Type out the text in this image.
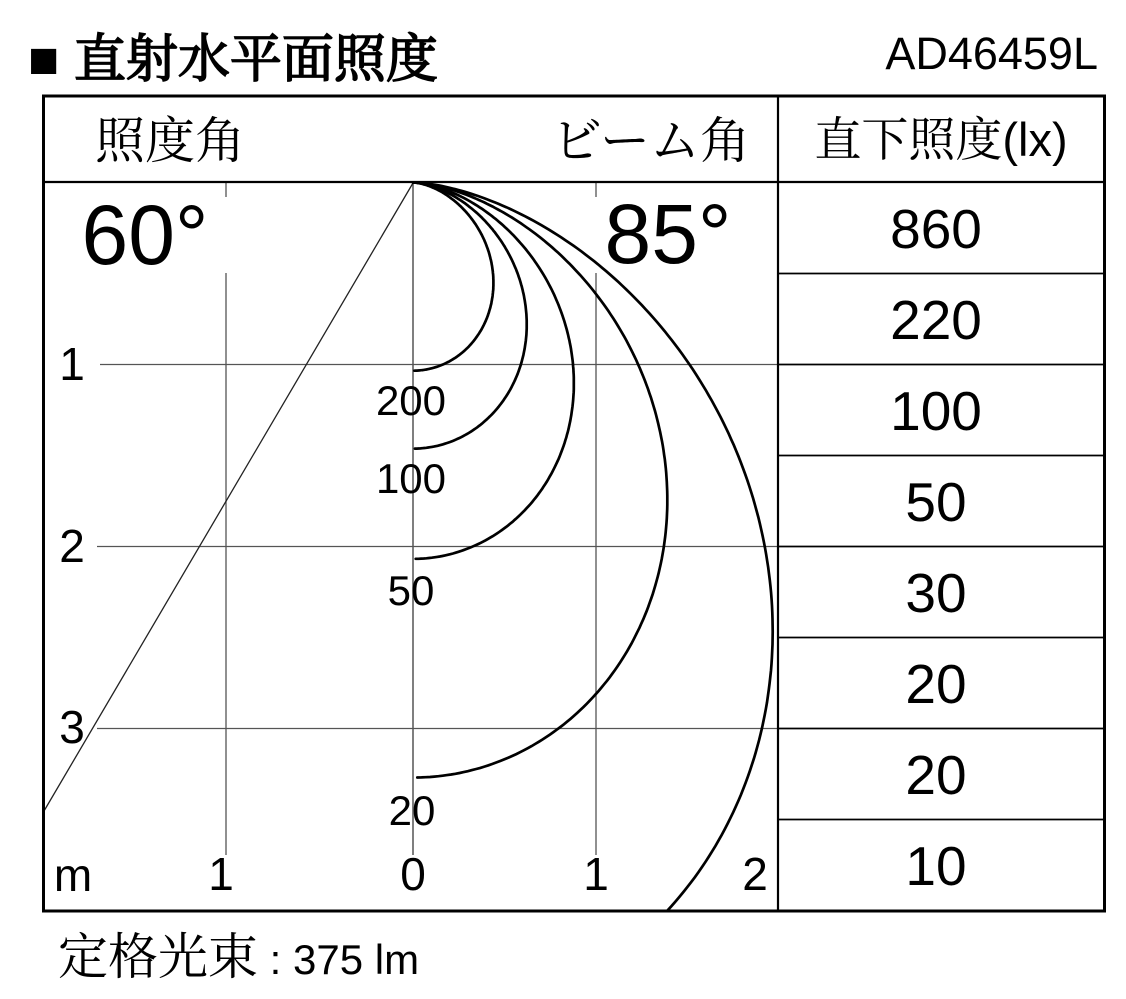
■ 直射水平面照度	AD46459L
照度角	ビーム角 直下照度(lx)
60°	85°
1
2
3
m	1	0	1	2
200
100
50
20
860
220
100
50
30
20
20
10
定格光束 : 375 lm
